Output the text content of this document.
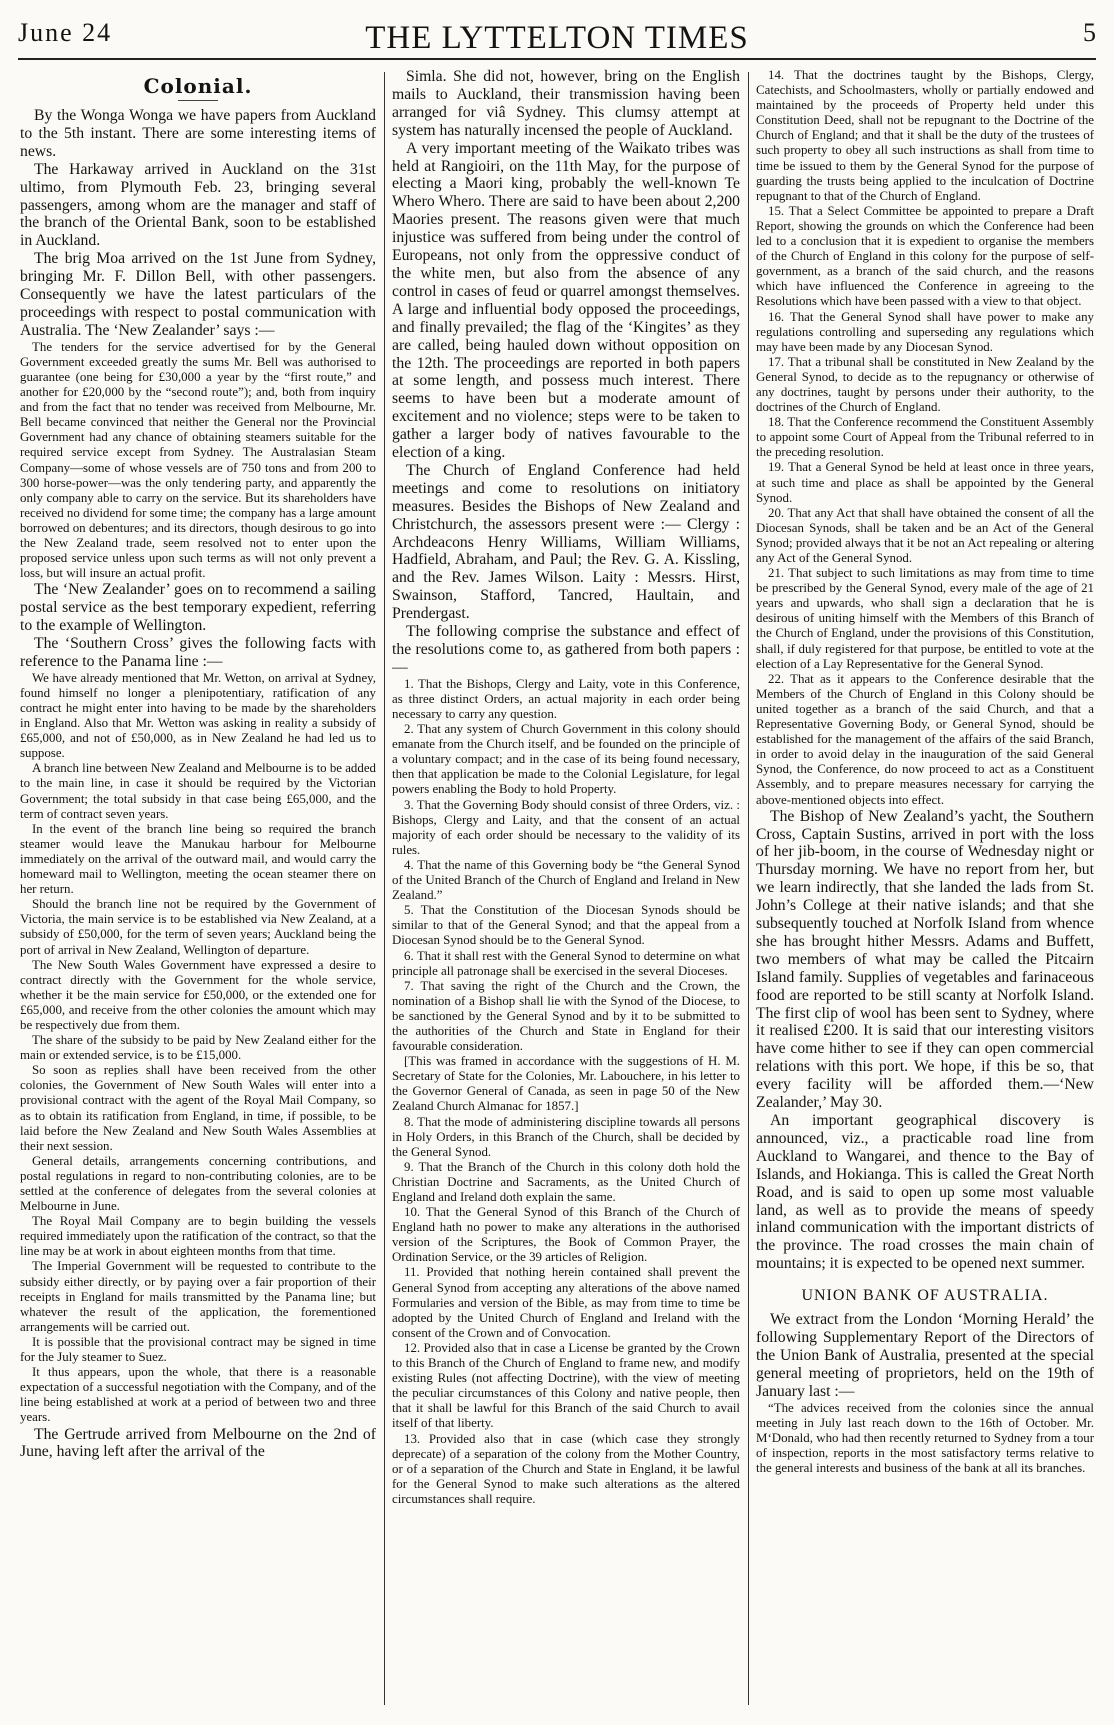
June 24	THE LYTTELTON TIMES	5
Colonial.

By the Wonga Wonga we have papers from Auckland to the 5th instant. There are some interesting items of news.

The Harkaway arrived in Auckland on the 31st ultimo, from Plymouth Feb. 23, bringing several passengers, among whom are the manager and staff of the branch of the Oriental Bank, soon to be established in Auckland.

The brig Moa arrived on the 1st June from Sydney, bringing Mr. F. Dillon Bell, with other passengers. Consequently we have the latest particulars of the proceedings with respect to postal communication with Australia. The ‘New Zealander’ says :—

The tenders for the service advertised for by the General Government exceeded greatly the sums Mr. Bell was authorised to guarantee (one being for £30,000 a year by the “first route,” and another for £20,000 by the “second route”); and, both from inquiry and from the fact that no tender was received from Melbourne, Mr. Bell became convinced that neither the General nor the Provincial Government had any chance of obtaining steamers suitable for the required service except from Sydney. The Australasian Steam Company—some of whose vessels are of 750 tons and from 200 to 300 horse-power—was the only tendering party, and apparently the only company able to carry on the service. But its shareholders have received no dividend for some time; the company has a large amount borrowed on debentures; and its directors, though desirous to go into the New Zealand trade, seem resolved not to enter upon the proposed service unless upon such terms as will not only prevent a loss, but will insure an actual profit.

The ‘New Zealander’ goes on to recommend a sailing postal service as the best temporary expedient, referring to the example of Wellington.

The ‘Southern Cross’ gives the following facts with reference to the Panama line :—

We have already mentioned that Mr. Wetton, on arrival at Sydney, found himself no longer a plenipotentiary, ratification of any contract he might enter into having to be made by the shareholders in England. Also that Mr. Wetton was asking in reality a subsidy of £65,000, and not of £50,000, as in New Zealand he had led us to suppose.

A branch line between New Zealand and Melbourne is to be added to the main line, in case it should be required by the Victorian Government; the total subsidy in that case being £65,000, and the term of contract seven years.

In the event of the branch line being so required the branch steamer would leave the Manukau harbour for Melbourne immediately on the arrival of the outward mail, and would carry the homeward mail to Wellington, meeting the ocean steamer there on her return.

Should the branch line not be required by the Government of Victoria, the main service is to be established via New Zealand, at a subsidy of £50,000, for the term of seven years; Auckland being the port of arrival in New Zealand, Wellington of departure.

The New South Wales Government have expressed a desire to contract directly with the Government for the whole service, whether it be the main service for £50,000, or the extended one for £65,000, and receive from the other colonies the amount which may be respectively due from them.

The share of the subsidy to be paid by New Zealand either for the main or extended service, is to be £15,000.

So soon as replies shall have been received from the other colonies, the Government of New South Wales will enter into a provisional contract with the agent of the Royal Mail Company, so as to obtain its ratification from England, in time, if possible, to be laid before the New Zealand and New South Wales Assemblies at their next session.

General details, arrangements concerning contributions, and postal regulations in regard to non-contributing colonies, are to be settled at the conference of delegates from the several colonies at Melbourne in June.

The Royal Mail Company are to begin building the vessels required immediately upon the ratification of the contract, so that the line may be at work in about eighteen months from that time.

The Imperial Government will be requested to contribute to the subsidy either directly, or by paying over a fair proportion of their receipts in England for mails transmitted by the Panama line; but whatever the result of the application, the forementioned arrangements will be carried out.

It is possible that the provisional contract may be signed in time for the July steamer to Suez.

It thus appears, upon the whole, that there is a reasonable expectation of a successful negotiation with the Company, and of the line being established at work at a period of between two and three years.

The Gertrude arrived from Melbourne on the 2nd of June, having left after the arrival of the

Simla. She did not, however, bring on the English mails to Auckland, their transmission having been arranged for viâ Sydney. This clumsy attempt at system has naturally incensed the people of Auckland.

A very important meeting of the Waikato tribes was held at Rangioiri, on the 11th May, for the purpose of electing a Maori king, probably the well-known Te Whero Whero. There are said to have been about 2,200 Maories present. The reasons given were that much injustice was suffered from being under the control of Europeans, not only from the oppressive conduct of the white men, but also from the absence of any control in cases of feud or quarrel amongst themselves. A large and influential body opposed the proceedings, and finally prevailed; the flag of the ‘Kingites’ as they are called, being hauled down without opposition on the 12th. The proceedings are reported in both papers at some length, and possess much interest. There seems to have been but a moderate amount of excitement and no violence; steps were to be taken to gather a larger body of natives favourable to the election of a king.

The Church of England Conference had held meetings and come to resolutions on initiatory measures. Besides the Bishops of New Zealand and Christchurch, the assessors present were :— Clergy : Archdeacons Henry Williams, William Williams, Hadfield, Abraham, and Paul; the Rev. G. A. Kissling, and the Rev. James Wilson. Laity : Messrs. Hirst, Swainson, Stafford, Tancred, Haultain, and Prendergast.

The following comprise the substance and effect of the resolutions come to, as gathered from both papers :—

1. That the Bishops, Clergy and Laity, vote in this Conference, as three distinct Orders, an actual majority in each order being necessary to carry any question.

2. That any system of Church Government in this colony should emanate from the Church itself, and be founded on the principle of a voluntary compact; and in the case of its being found necessary, then that application be made to the Colonial Legislature, for legal powers enabling the Body to hold Property.

3. That the Governing Body should consist of three Orders, viz. : Bishops, Clergy and Laity, and that the consent of an actual majority of each order should be necessary to the validity of its rules.

4. That the name of this Governing body be “the General Synod of the United Branch of the Church of England and Ireland in New Zealand.”

5. That the Constitution of the Diocesan Synods should be similar to that of the General Synod; and that the appeal from a Diocesan Synod should be to the General Synod.

6. That it shall rest with the General Synod to determine on what principle all patronage shall be exercised in the several Dioceses.

7. That saving the right of the Church and the Crown, the nomination of a Bishop shall lie with the Synod of the Diocese, to be sanctioned by the General Synod and by it to be submitted to the authorities of the Church and State in England for their favourable consideration.

[This was framed in accordance with the suggestions of H. M. Secretary of State for the Colonies, Mr. Labouchere, in his letter to the Governor General of Canada, as seen in page 50 of the New Zealand Church Almanac for 1857.]

8. That the mode of administering discipline towards all persons in Holy Orders, in this Branch of the Church, shall be decided by the General Synod.

9. That the Branch of the Church in this colony doth hold the Christian Doctrine and Sacraments, as the United Church of England and Ireland doth explain the same.

10. That the General Synod of this Branch of the Church of England hath no power to make any alterations in the authorised version of the Scriptures, the Book of Common Prayer, the Ordination Service, or the 39 articles of Religion.

11. Provided that nothing herein contained shall prevent the General Synod from accepting any alterations of the above named Formularies and version of the Bible, as may from time to time be adopted by the United Church of England and Ireland with the consent of the Crown and of Convocation.

12. Provided also that in case a License be granted by the Crown to this Branch of the Church of England to frame new, and modify existing Rules (not affecting Doctrine), with the view of meeting the peculiar circumstances of this Colony and native people, then that it shall be lawful for this Branch of the said Church to avail itself of that liberty.

13. Provided also that in case (which case they strongly deprecate) of a separation of the colony from the Mother Country, or of a separation of the Church and State in England, it be lawful for the General Synod to make such alterations as the altered circumstances shall require.

14. That the doctrines taught by the Bishops, Clergy, Catechists, and Schoolmasters, wholly or partially endowed and maintained by the proceeds of Property held under this Constitution Deed, shall not be repugnant to the Doctrine of the Church of England; and that it shall be the duty of the trustees of such property to obey all such instructions as shall from time to time be issued to them by the General Synod for the purpose of guarding the trusts being applied to the inculcation of Doctrine repugnant to that of the Church of England.

15. That a Select Committee be appointed to prepare a Draft Report, showing the grounds on which the Conference had been led to a conclusion that it is expedient to organise the members of the Church of England in this colony for the purpose of self-government, as a branch of the said church, and the reasons which have influenced the Conference in agreeing to the Resolutions which have been passed with a view to that object.

16. That the General Synod shall have power to make any regulations controlling and superseding any regulations which may have been made by any Diocesan Synod.

17. That a tribunal shall be constituted in New Zealand by the General Synod, to decide as to the repugnancy or otherwise of any doctrines, taught by persons under their authority, to the doctrines of the Church of England.

18. That the Conference recommend the Constituent Assembly to appoint some Court of Appeal from the Tribunal referred to in the preceding resolution.

19. That a General Synod be held at least once in three years, at such time and place as shall be appointed by the General Synod.

20. That any Act that shall have obtained the consent of all the Diocesan Synods, shall be taken and be an Act of the General Synod; provided always that it be not an Act repealing or altering any Act of the General Synod.

21. That subject to such limitations as may from time to time be prescribed by the General Synod, every male of the age of 21 years and upwards, who shall sign a declaration that he is desirous of uniting himself with the Members of this Branch of the Church of England, under the provisions of this Constitution, shall, if duly registered for that purpose, be entitled to vote at the election of a Lay Representative for the General Synod.

22. That as it appears to the Conference desirable that the Members of the Church of England in this Colony should be united together as a branch of the said Church, and that a Representative Governing Body, or General Synod, should be established for the management of the affairs of the said Branch, in order to avoid delay in the inauguration of the said General Synod, the Conference, do now proceed to act as a Constituent Assembly, and to prepare measures necessary for carrying the above-mentioned objects into effect.

The Bishop of New Zealand’s yacht, the Southern Cross, Captain Sustins, arrived in port with the loss of her jib-boom, in the course of Wednesday night or Thursday morning. We have no report from her, but we learn indirectly, that she landed the lads from St. John’s College at their native islands; and that she subsequently touched at Norfolk Island from whence she has brought hither Messrs. Adams and Buffett, two members of what may be called the Pitcairn Island family. Supplies of vegetables and farinaceous food are reported to be still scanty at Norfolk Island. The first clip of wool has been sent to Sydney, where it realised £200. It is said that our interesting visitors have come hither to see if they can open commercial relations with this port. We hope, if this be so, that every facility will be afforded them.—‘New Zealander,’ May 30.

An important geographical discovery is announced, viz., a practicable road line from Auckland to Wangarei, and thence to the Bay of Islands, and Hokianga. This is called the Great North Road, and is said to open up some most valuable land, as well as to provide the means of speedy inland communication with the important districts of the province. The road crosses the main chain of mountains; it is expected to be opened next summer.

UNION BANK OF AUSTRALIA.

We extract from the London ‘Morning Herald’ the following Supplementary Report of the Directors of the Union Bank of Australia, presented at the special general meeting of proprietors, held on the 19th of January last :—

“The advices received from the colonies since the annual meeting in July last reach down to the 16th of October. Mr. M‘Donald, who had then recently returned to Sydney from a tour of inspection, reports in the most satisfactory terms relative to the general interests and business of the bank at all its branches.
